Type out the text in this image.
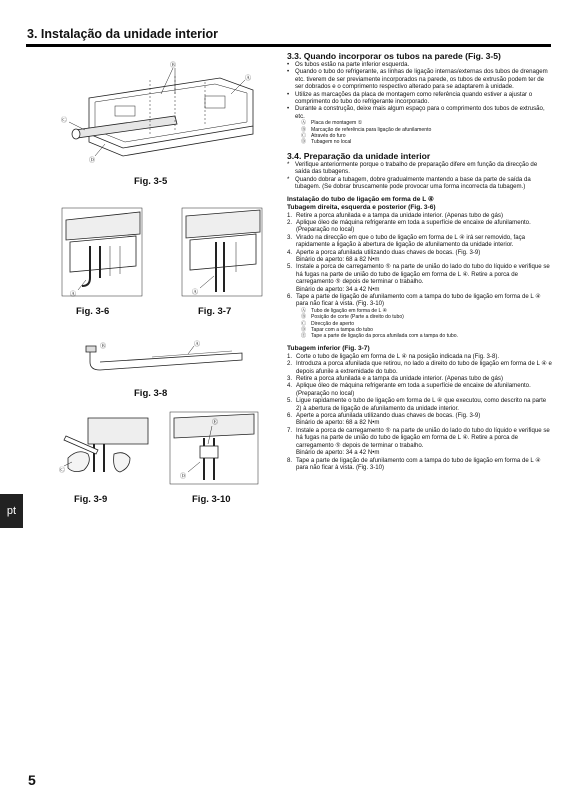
3. Instalação da unidade interior
pt
5
Ⓑ
Ⓐ
Ⓒ
Ⓓ
Fig. 3-5
Ⓐ
Fig. 3-6
Ⓐ
Fig. 3-7
Ⓑ	Ⓐ
Fig. 3-8
Ⓒ
Fig. 3-9
Ⓔ
Ⓓ
Fig. 3-10
3.3. Quando incorporar os tubos na parede (Fig. 3-5)
• Os tubos estão na parte inferior esquerda.
• Quando o tubo do refrigerante, as linhas de ligação internas/externas dos tubos de drenagem etc. tiverem de ser previamente incorporados na parede, os tubos de extrusão podem ter de ser dobrados e o comprimento respectivo alterado para se adaptarem à unidade.
• Utilize as marcações da placa de montagem como referência quando estiver a ajustar o comprimento do tubo do refrigerante incorporado.
• Durante a construção, deixe mais algum espaço para o comprimento dos tubos de extrusão, etc.
Ⓐ Placa de montagem ①
Ⓑ Marcação de referência para ligação de afunilamento
Ⓒ Através do furo
Ⓓ Tubagem no local
3.4. Preparação da unidade interior
* Verifique anteriormente porque o trabalho de preparação difere em função da direcção de saída das tubagens.
* Quando dobrar a tubagem, dobre gradualmente mantendo a base da parte de saída da tubagem. (Se dobrar bruscamente pode provocar uma forma incorrecta da tubagem.)
Instalação do tubo de ligação em forma de L ④
Tubagem direita, esquerda e posterior (Fig. 3-6)
1. Retire a porca afunilada e a tampa da unidade interior. (Apenas tubo de gás)
2. Aplique óleo de máquina refrigerante em toda a superfície de encaixe de afunilamento. (Preparação no local)
3. Virado na direcção em que o tubo de ligação em forma de L ④ irá ser removido, faça rapidamente a ligação à abertura de ligação de afunilamento da unidade interior.
4. Aperte a porca afunilada utilizando duas chaves de bocas. (Fig. 3-9)
Binário de aperto: 68 a 82 N•m
5. Instale a porca de carregamento ⑤ na parte de união do lado do tubo do líquido e verifique se há fugas na parte de união do tubo de ligação em forma de L ④. Retire a porca de carregamento ⑤ depois de terminar o trabalho.
Binário de aperto: 34 a 42 N•m
6. Tape a parte de ligação de afunilamento com a tampa do tubo de ligação em forma de L ④ para não ficar à vista. (Fig. 3-10)
Ⓐ Tubo de ligação em forma de L ④
Ⓑ Posição de corte (Parte a direito do tubo)
Ⓒ Direcção de aperto
Ⓓ Tapar com a tampa do tubo
Ⓔ Tape a parte de ligação da porca afunilada com a tampa do tubo.
Tubagem inferior (Fig. 3-7)
1. Corte o tubo de ligação em forma de L ④ na posição indicada na (Fig. 3-8).
2. Introduza a porca afunilada que retirou, no lado a direito do tubo de ligação em forma de L ④ e depois afunile a extremidade do tubo.
3. Retire a porca afunilada e a tampa da unidade interior. (Apenas tubo de gás)
4. Aplique óleo de máquina refrigerante em toda a superfície de encaixe de afunilamento. (Preparação no local)
5. Ligue rapidamente o tubo de ligação em forma de L ④ que executou, como descrito na parte 2) à abertura de ligação de afunilamento da unidade interior.
6. Aperte a porca afunilada utilizando duas chaves de bocas. (Fig. 3-9)
Binário de aperto: 68 a 82 N•m
7. Instale a porca de carregamento ⑤ na parte de união do lado do tubo do líquido e verifique se há fugas na parte de união do tubo de ligação em forma de L ④. Retire a porca de carregamento ⑤ depois de terminar o trabalho.
Binário de aperto: 34 a 42 N•m
8. Tape a parte de ligação de afunilamento com a tampa do tubo de ligação em forma de L ④ para não ficar à vista. (Fig. 3-10)
